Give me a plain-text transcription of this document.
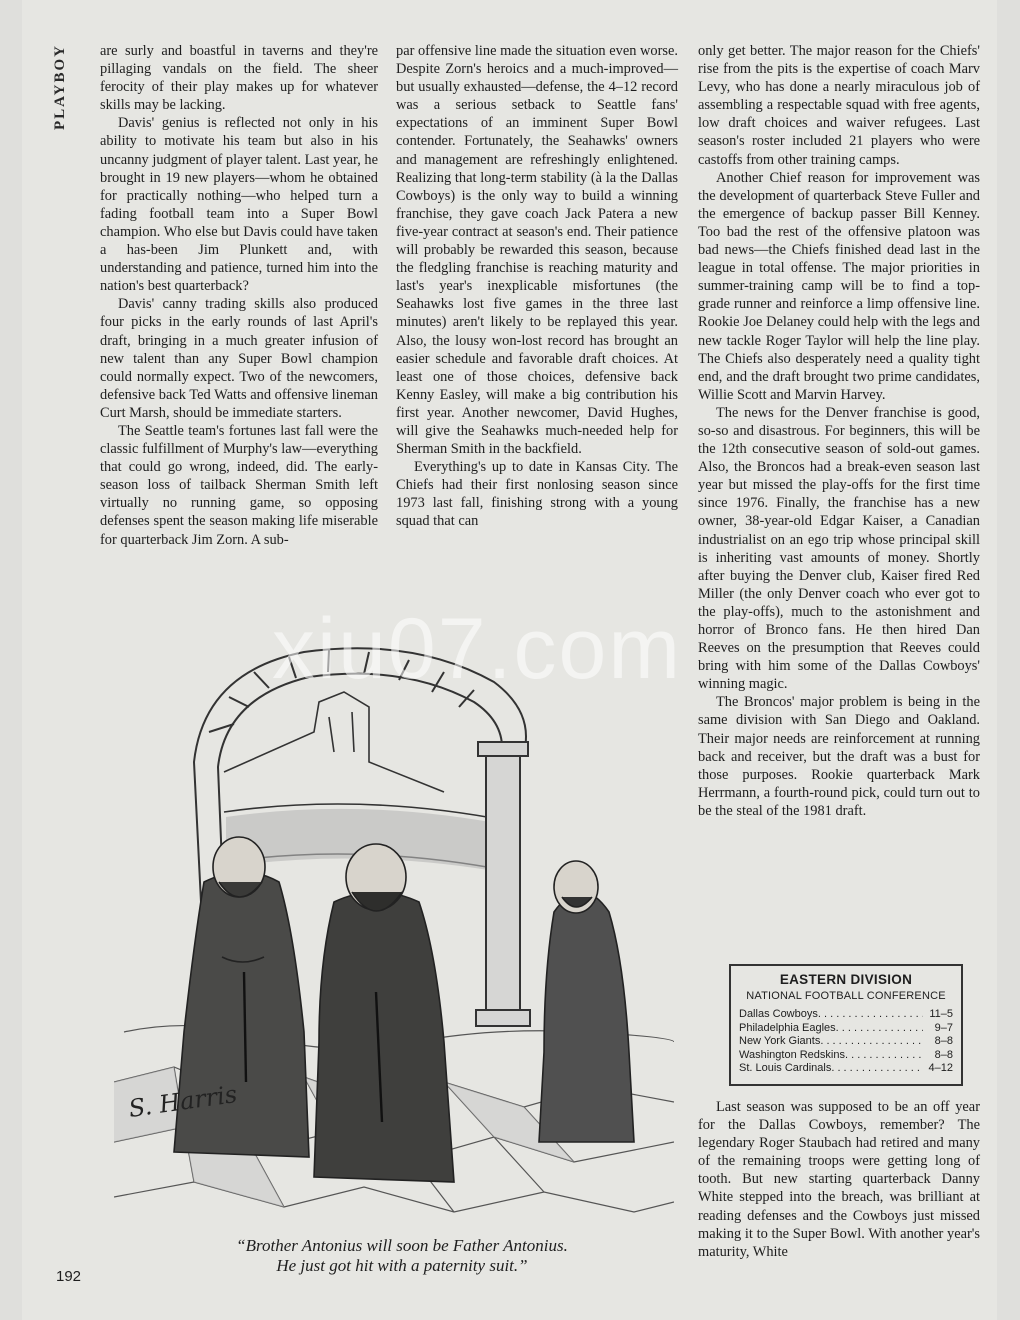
PLAYBOY	are surly and boastful in taverns and they're pillaging vandals on the field. The sheer ferocity of their play makes up for whatever skills may be lacking.

Davis' genius is reflected not only in his ability to motivate his team but also in his uncanny judgment of player talent. Last year, he brought in 19 new players—whom he obtained for practically nothing—who helped turn a fading football team into a Super Bowl champion. Who else but Davis could have taken a has-been Jim Plunkett and, with understanding and patience, turned him into the nation's best quarterback?

Davis' canny trading skills also produced four picks in the early rounds of last April's draft, bringing in a much greater infusion of new talent than any Super Bowl champion could normally expect. Two of the newcomers, defensive back Ted Watts and offensive lineman Curt Marsh, should be immediate starters.

The Seattle team's fortunes last fall were the classic fulfillment of Murphy's law—everything that could go wrong, indeed, did. The early-season loss of tailback Sherman Smith left virtually no running game, so opposing defenses spent the season making life miserable for quarterback Jim Zorn. A sub-

par offensive line made the situation even worse. Despite Zorn's heroics and a much-improved—but usually exhausted—defense, the 4–12 record was a serious setback to Seattle fans' expectations of an imminent Super Bowl contender. Fortunately, the Seahawks' owners and management are refreshingly enlightened. Realizing that long-term stability (à la the Dallas Cowboys) is the only way to build a winning franchise, they gave coach Jack Patera a new five-year contract at season's end. Their patience will probably be rewarded this season, because the fledgling franchise is reaching maturity and last's year's inexplicable misfortunes (the Seahawks lost five games in the three last minutes) aren't likely to be replayed this year. Also, the lousy won-lost record has brought an easier schedule and favorable draft choices. At least one of those choices, defensive back Kenny Easley, will make a big contribution his first year. Another newcomer, David Hughes, will give the Seahawks much-needed help for Sherman Smith in the backfield.

Everything's up to date in Kansas City. The Chiefs had their first nonlosing season since 1973 last fall, finishing strong with a young squad that can

only get better. The major reason for the Chiefs' rise from the pits is the expertise of coach Marv Levy, who has done a nearly miraculous job of assembling a respectable squad with free agents, low draft choices and waiver refugees. Last season's roster included 21 players who were castoffs from other training camps.

Another Chief reason for improvement was the development of quarterback Steve Fuller and the emergence of backup passer Bill Kenney. Too bad the rest of the offensive platoon was bad news—the Chiefs finished dead last in the league in total offense. The major priorities in summer-training camp will be to find a top-grade runner and reinforce a limp offensive line. Rookie Joe Delaney could help with the legs and new tackle Roger Taylor will help the line play. The Chiefs also desperately need a quality tight end, and the draft brought two prime candidates, Willie Scott and Marvin Harvey.

The news for the Denver franchise is good, so-so and disastrous. For beginners, this will be the 12th consecutive season of sold-out games. Also, the Broncos had a break-even season last year but missed the play-offs for the first time since 1976. Finally, the franchise has a new owner, 38-year-old Edgar Kaiser, a Canadian industrialist on an ego trip whose principal skill is inheriting vast amounts of money. Shortly after buying the Denver club, Kaiser fired Red Miller (the only Denver coach who ever got to the play-offs), much to the astonishment and horror of Bronco fans. He then hired Dan Reeves on the presumption that Reeves could bring with him some of the Dallas Cowboys' winning magic.

The Broncos' major problem is being in the same division with San Diego and Oakland. Their major needs are reinforcement at running back and receiver, but the draft was a bust for those purposes. Rookie quarterback Mark Herrmann, a fourth-round pick, could turn out to be the steal of the 1981 draft.

EASTERN DIVISION
NATIONAL FOOTBALL CONFERENCE
Dallas Cowboys . . .	11–5
Philadelphia Eagles . . .	9–7
New York Giants . . .	8–8
Washington Redskins . . .	8–8
St. Louis Cardinals . . .	4–12

Last season was supposed to be an off year for the Dallas Cowboys, remember? The legendary Roger Staubach had retired and many of the remaining troops were getting long of tooth. But new starting quarterback Danny White stepped into the breach, was brilliant at reading defenses and the Cowboys just missed making it to the Super Bowl. With another year's maturity, White

S. Harris
“Brother Antonius will soon be Father Antonius.
He just got hit with a paternity suit.”
xiu07.com
192
